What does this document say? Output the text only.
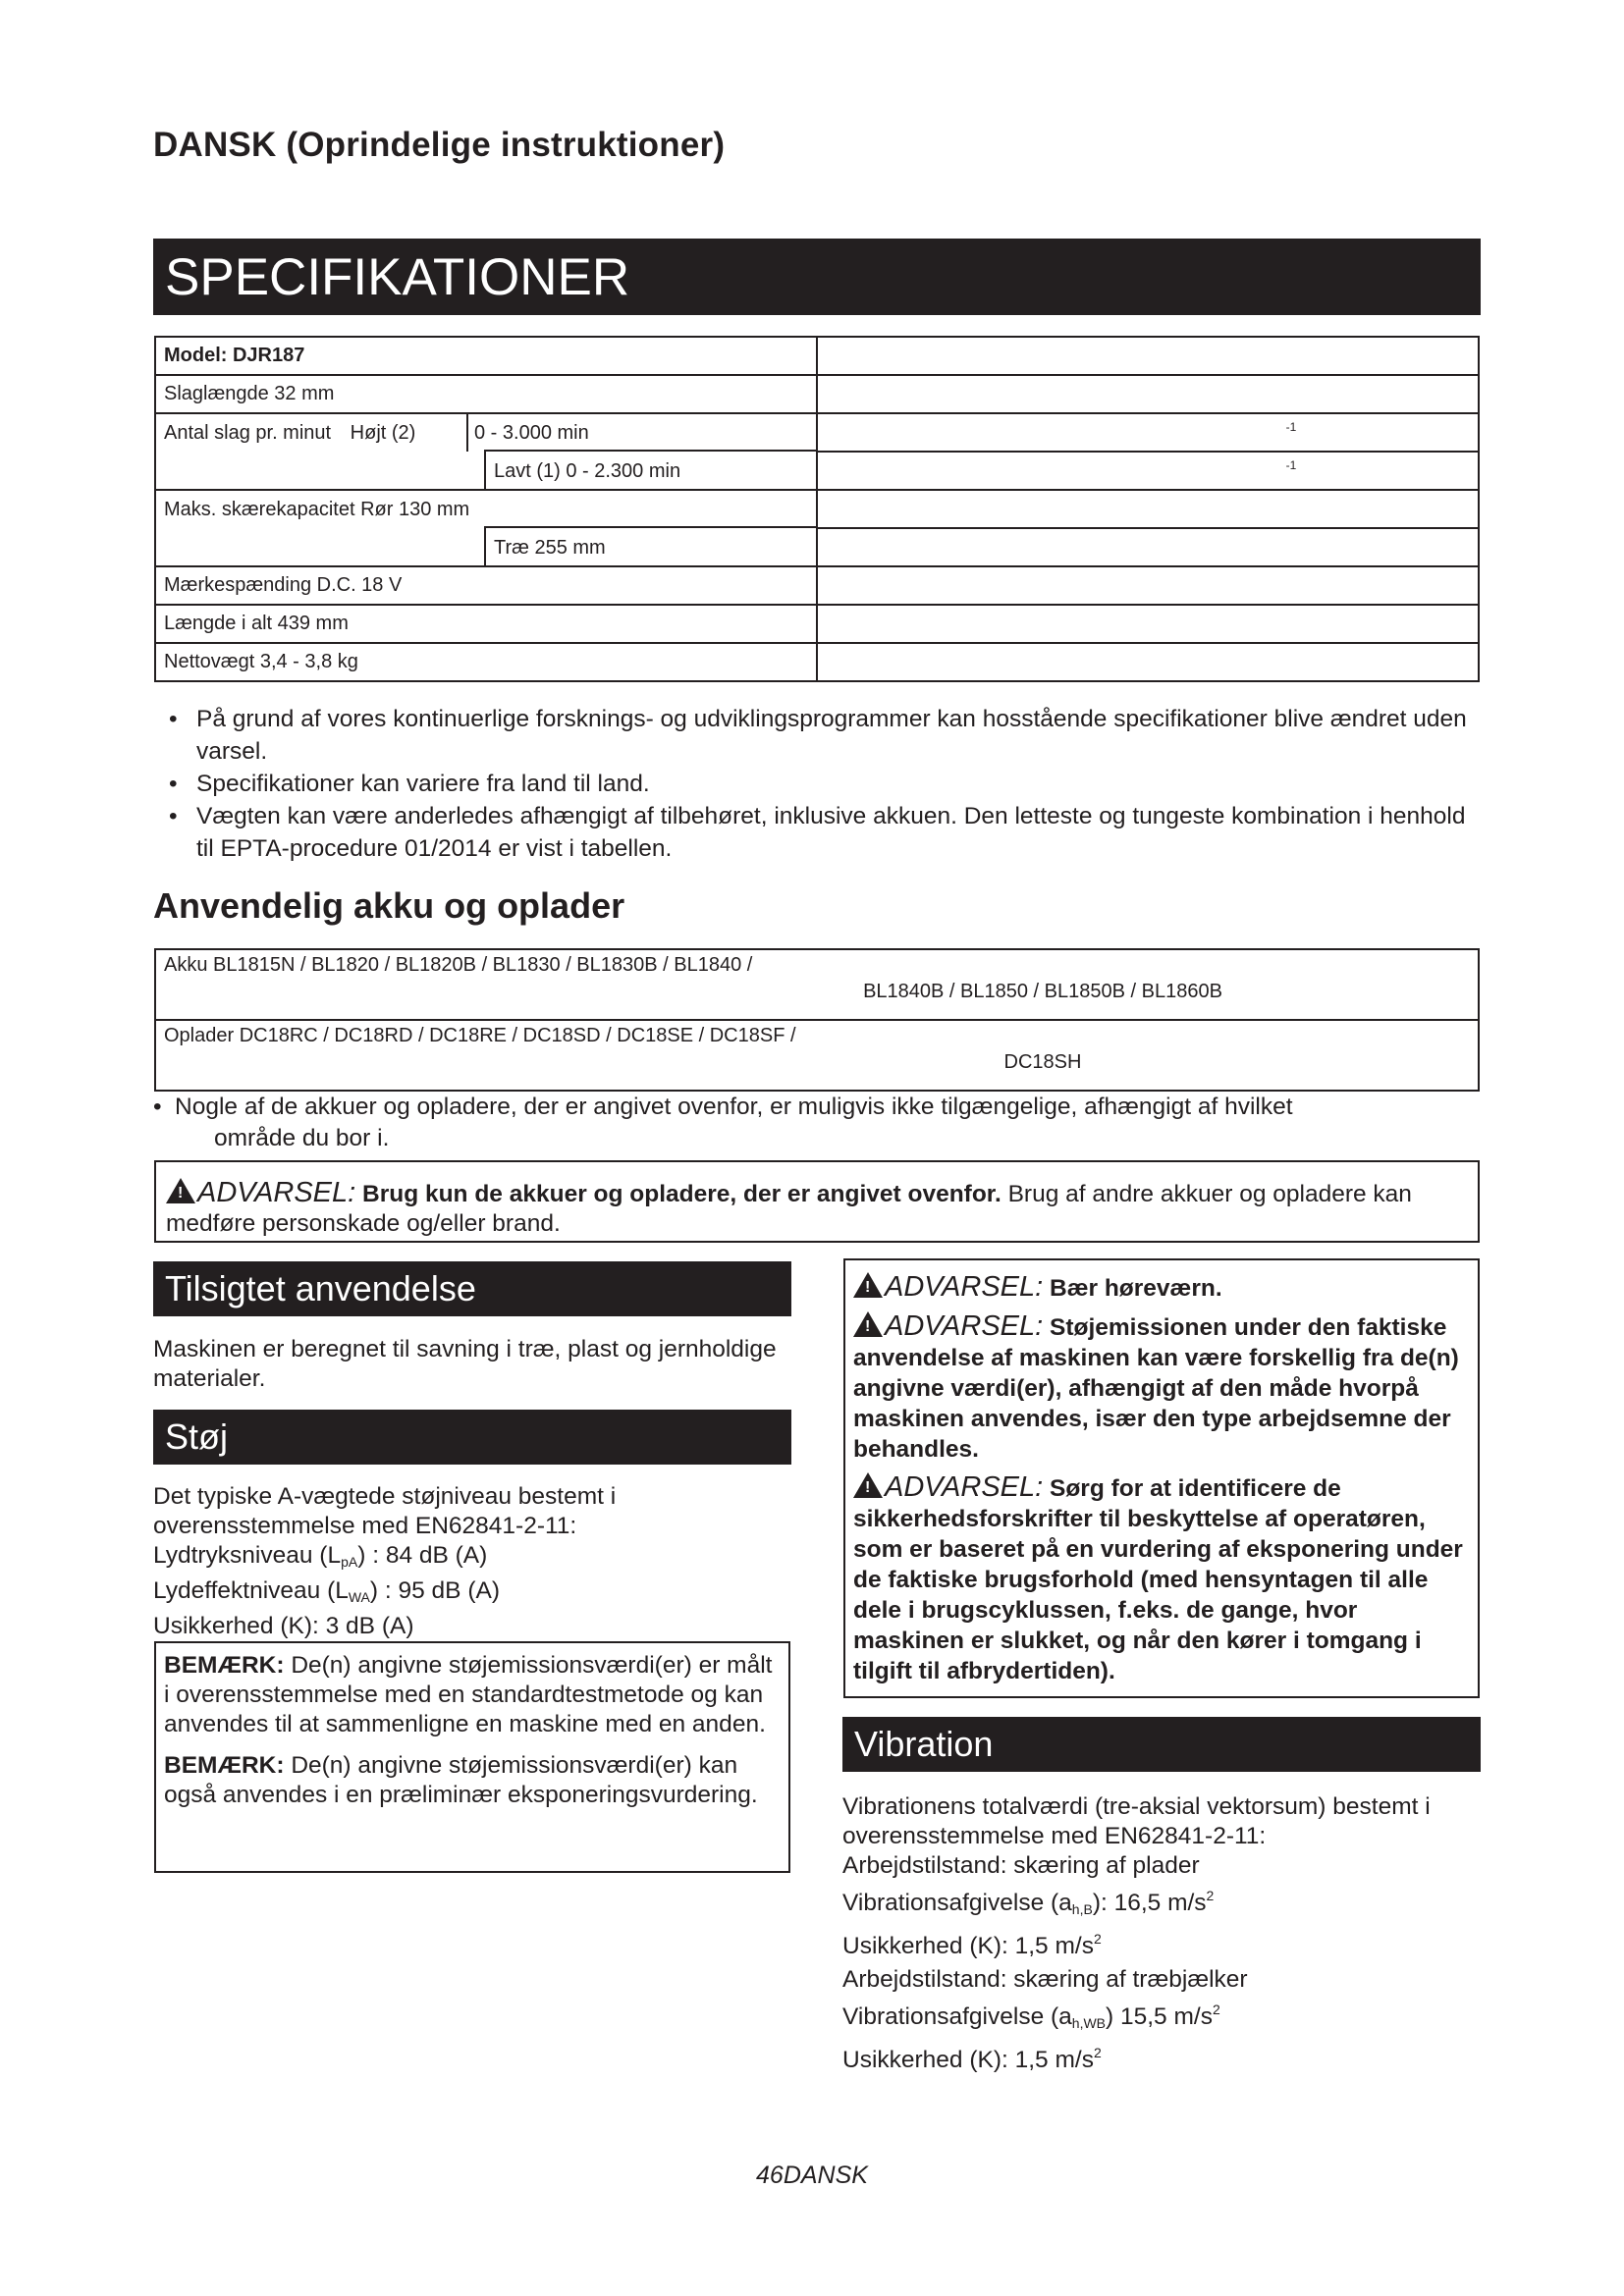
DANSK (Oprindelige instruktioner)
SPECIFIKATIONER
Model: DJR187	
Slaglængde 32 mm	
Antal slag pr. minut Højt (2) 0 - 3.000 min	$^{-1}$

Lavt (1) 0 - 2.300 min	$^{-1}$
Maks. skærekapacitet Rør 130 mm	

Træ 255 mm	

Mærkespænding D.C. 18 V	
Længde i alt 439 mm	
Nettovægt 3,4 - 3,8 kg	
• På grund af vores kontinuerlige forsknings- og udviklingsprogrammer kan hosstående specifikationer blive ændret uden varsel.
• Specifikationer kan variere fra land til land.
• Vægten kan være anderledes afhængigt af tilbehøret, inklusive akkuen. Den letteste og tungeste kombination i henhold til EPTA-procedure 01/2014 er vist i tabellen.
Anvendelig akku og oplader
Akku BL1815N / BL1820 / BL1820B / BL1830 / BL1830B / BL1840 /
BL1840B / BL1850 / BL1850B / BL1860B

Oplader DC18RC / DC18RD / DC18RE / DC18SD / DC18SE / DC18SF /
DC18SH
• Nogle af de akkuer og opladere, der er angivet ovenfor, er muligvis ikke tilgængelige, afhængigt af hvilket
område du bor i.
! ADVARSEL: Brug kun de akkuer og opladere, der er angivet ovenfor. Brug af andre akkuer og opladere kan medføre personskade og/eller brand.
Tilsigtet anvendelse
Maskinen er beregnet til savning i træ, plast og jernholdige materialer.
Støj
Det typiske A-vægtede støjniveau bestemt i overensstemmelse med EN62841-2-11:
Lydtryksniveau (LpA) : 84 dB (A)
Lydeffektniveau (LWA) : 95 dB (A)
Usikkerhed (K): 3 dB (A)
BEMÆRK: De(n) angivne støjemissionsværdi(er) er målt i overensstemmelse med en standardtestmetode og kan anvendes til at sammenligne en maskine med en anden.
BEMÆRK: De(n) angivne støjemissionsværdi(er) kan også anvendes i en præliminær eksponeringsvurdering.
! ADVARSEL: Bær høreværn.
! ADVARSEL: Støjemissionen under den faktiske anvendelse af maskinen kan være forskellig fra de(n) angivne værdi(er), afhængigt af den måde hvorpå maskinen anvendes, især den type arbejdsemne der behandles.
! ADVARSEL: Sørg for at identificere de sikkerhedsforskrifter til beskyttelse af operatøren, som er baseret på en vurdering af eksponering under de faktiske brugsforhold (med hensyntagen til alle dele i brugscyklussen, f.eks. de gange, hvor maskinen er slukket, og når den kører i tomgang i tilgift til afbrydertiden).
Vibration
Vibrationens totalværdi (tre-aksial vektorsum) bestemt i overensstemmelse med EN62841-2-11:
Arbejdstilstand: skæring af plader
Vibrationsafgivelse (ah,B): 16,5 $m/s^2$
Usikkerhed (K): 1,5 $m/s^2$
Arbejdstilstand: skæring af træbjælker
Vibrationsafgivelse (ah,WB) 15,5 $m/s^2$
Usikkerhed (K): 1,5 $m/s^2$
46DANSK
